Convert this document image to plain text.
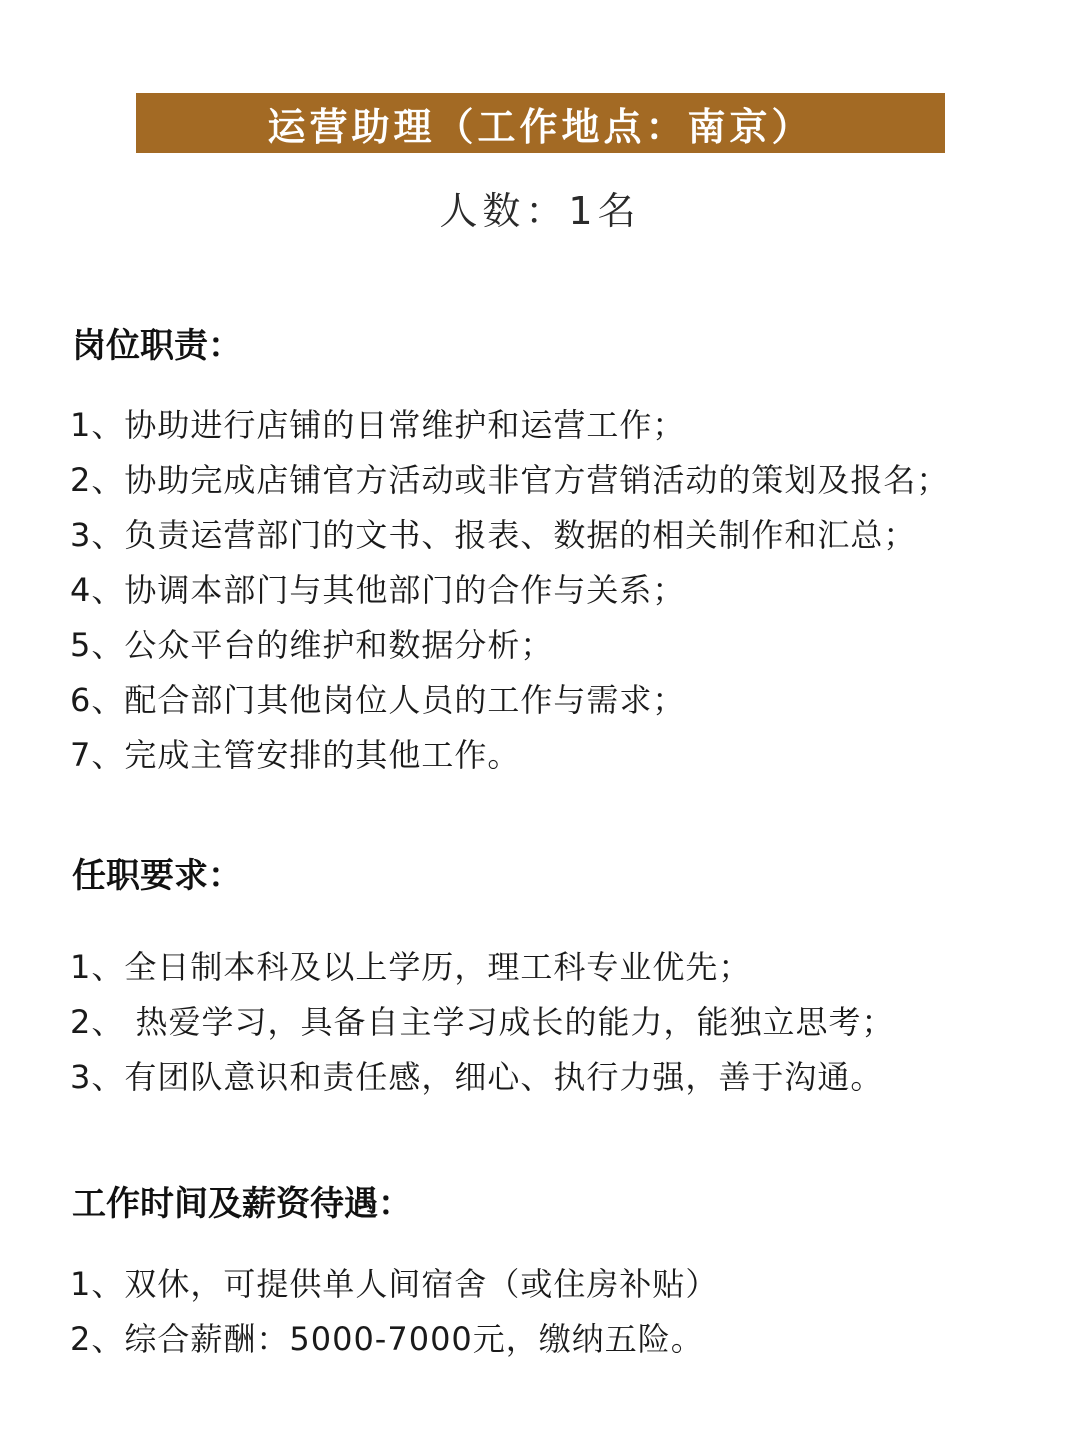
运营助理（工作地点：南京）
人数：1名
岗位职责：
1、协助进行店铺的日常维护和运营工作；
2、协助完成店铺官方活动或非官方营销活动的策划及报名；
3、负责运营部门的文书、报表、数据的相关制作和汇总；
4、协调本部门与其他部门的合作与关系；
5、公众平台的维护和数据分析；
6、配合部门其他岗位人员的工作与需求；
7、完成主管安排的其他工作。
任职要求：
1、全日制本科及以上学历，理工科专业优先；
2、 热爱学习，具备自主学习成长的能力，能独立思考；
3、有团队意识和责任感，细心、执行力强，善于沟通。
工作时间及薪资待遇：
1、双休，可提供单人间宿舍（或住房补贴）
2、综合薪酬：5000-7000元，缴纳五险。
